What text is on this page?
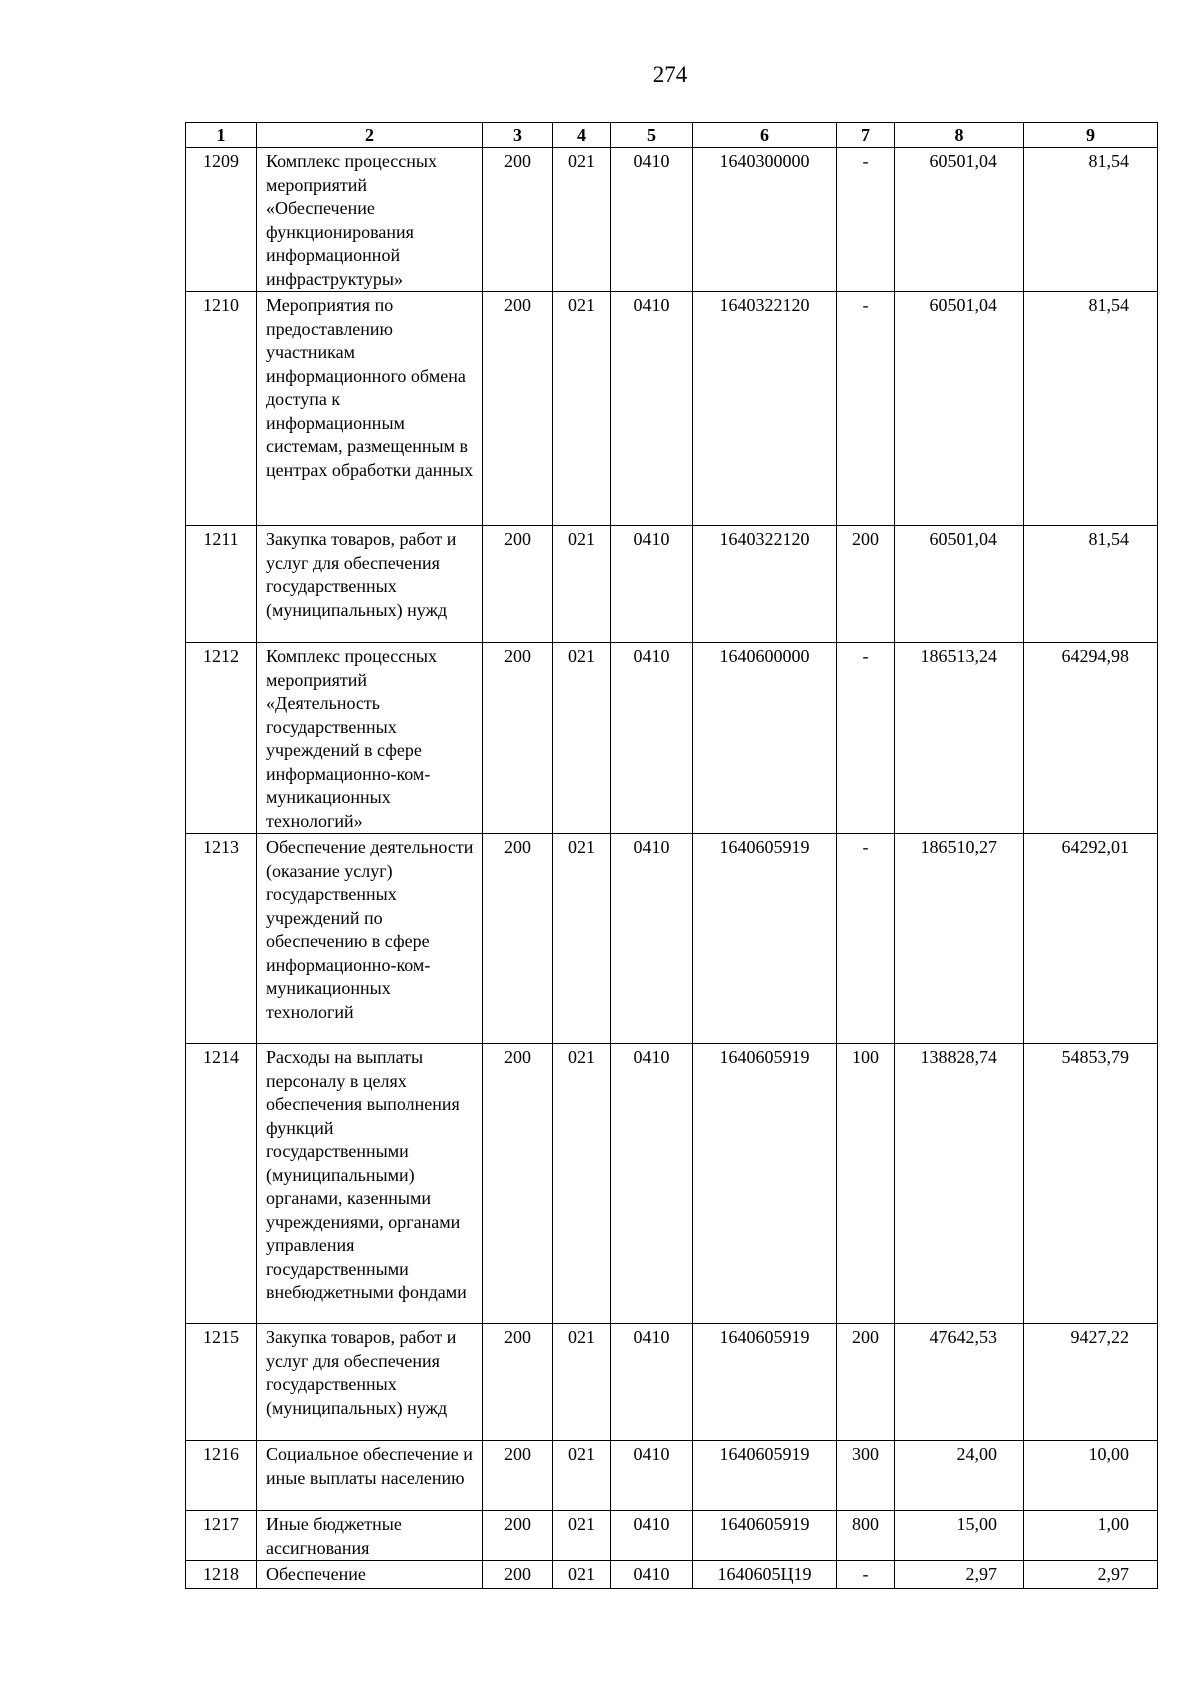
274
1	2	3	4	5	6	7	8	9
1209	Комплекс процессных мероприятий «Обеспечение функционирования информационной инфраструктуры»	200	021	0410	1640300000	-	60501,04	81,54
1210	Мероприятия по предоставлению участникам информационного обмена доступа к информационным системам, размещенным в центрах обработки данных	200	021	0410	1640322120	-	60501,04	81,54
1211	Закупка товаров, работ и услуг для обеспечения государственных (муниципальных) нужд	200	021	0410	1640322120	200	60501,04	81,54
1212	Комплекс процессных мероприятий «Деятельность государственных учреждений в сфере информационно-ком-муникационных технологий»	200	021	0410	1640600000	-	186513,24	64294,98
1213	Обеспечение деятельности (оказание услуг) государственных учреждений по обеспечению в сфере информационно-ком-муникационных технологий	200	021	0410	1640605919	-	186510,27	64292,01
1214	Расходы на выплаты персоналу в целях обеспечения выполнения функций государственными (муниципальными) органами, казенными учреждениями, органами управления государственными внебюджетными фондами	200	021	0410	1640605919	100	138828,74	54853,79
1215	Закупка товаров, работ и услуг для обеспечения государственных (муниципальных) нужд	200	021	0410	1640605919	200	47642,53	9427,22
1216	Социальное обеспечение и иные выплаты населению	200	021	0410	1640605919	300	24,00	10,00
1217	Иные бюджетные ассигнования	200	021	0410	1640605919	800	15,00	1,00
1218	Обеспечение	200	021	0410	1640605Ц19	-	2,97	2,97
